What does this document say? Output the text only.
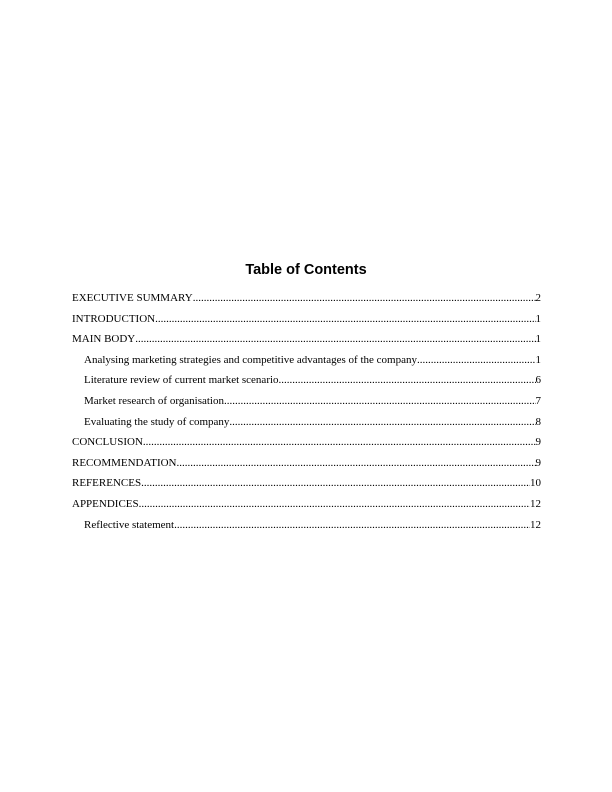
Table of Contents
EXECUTIVE SUMMARY .....	2
INTRODUCTION .....	1
MAIN BODY .....	1
Analysing marketing strategies and competitive advantages of the company .....	1
Literature review of current market scenario .....	6
Market research of organisation .....	7
Evaluating the study of company .....	8
CONCLUSION .....	9
RECOMMENDATION .....	9
REFERENCES .....	10
APPENDICES .....	12
Reflective statement .....	12
